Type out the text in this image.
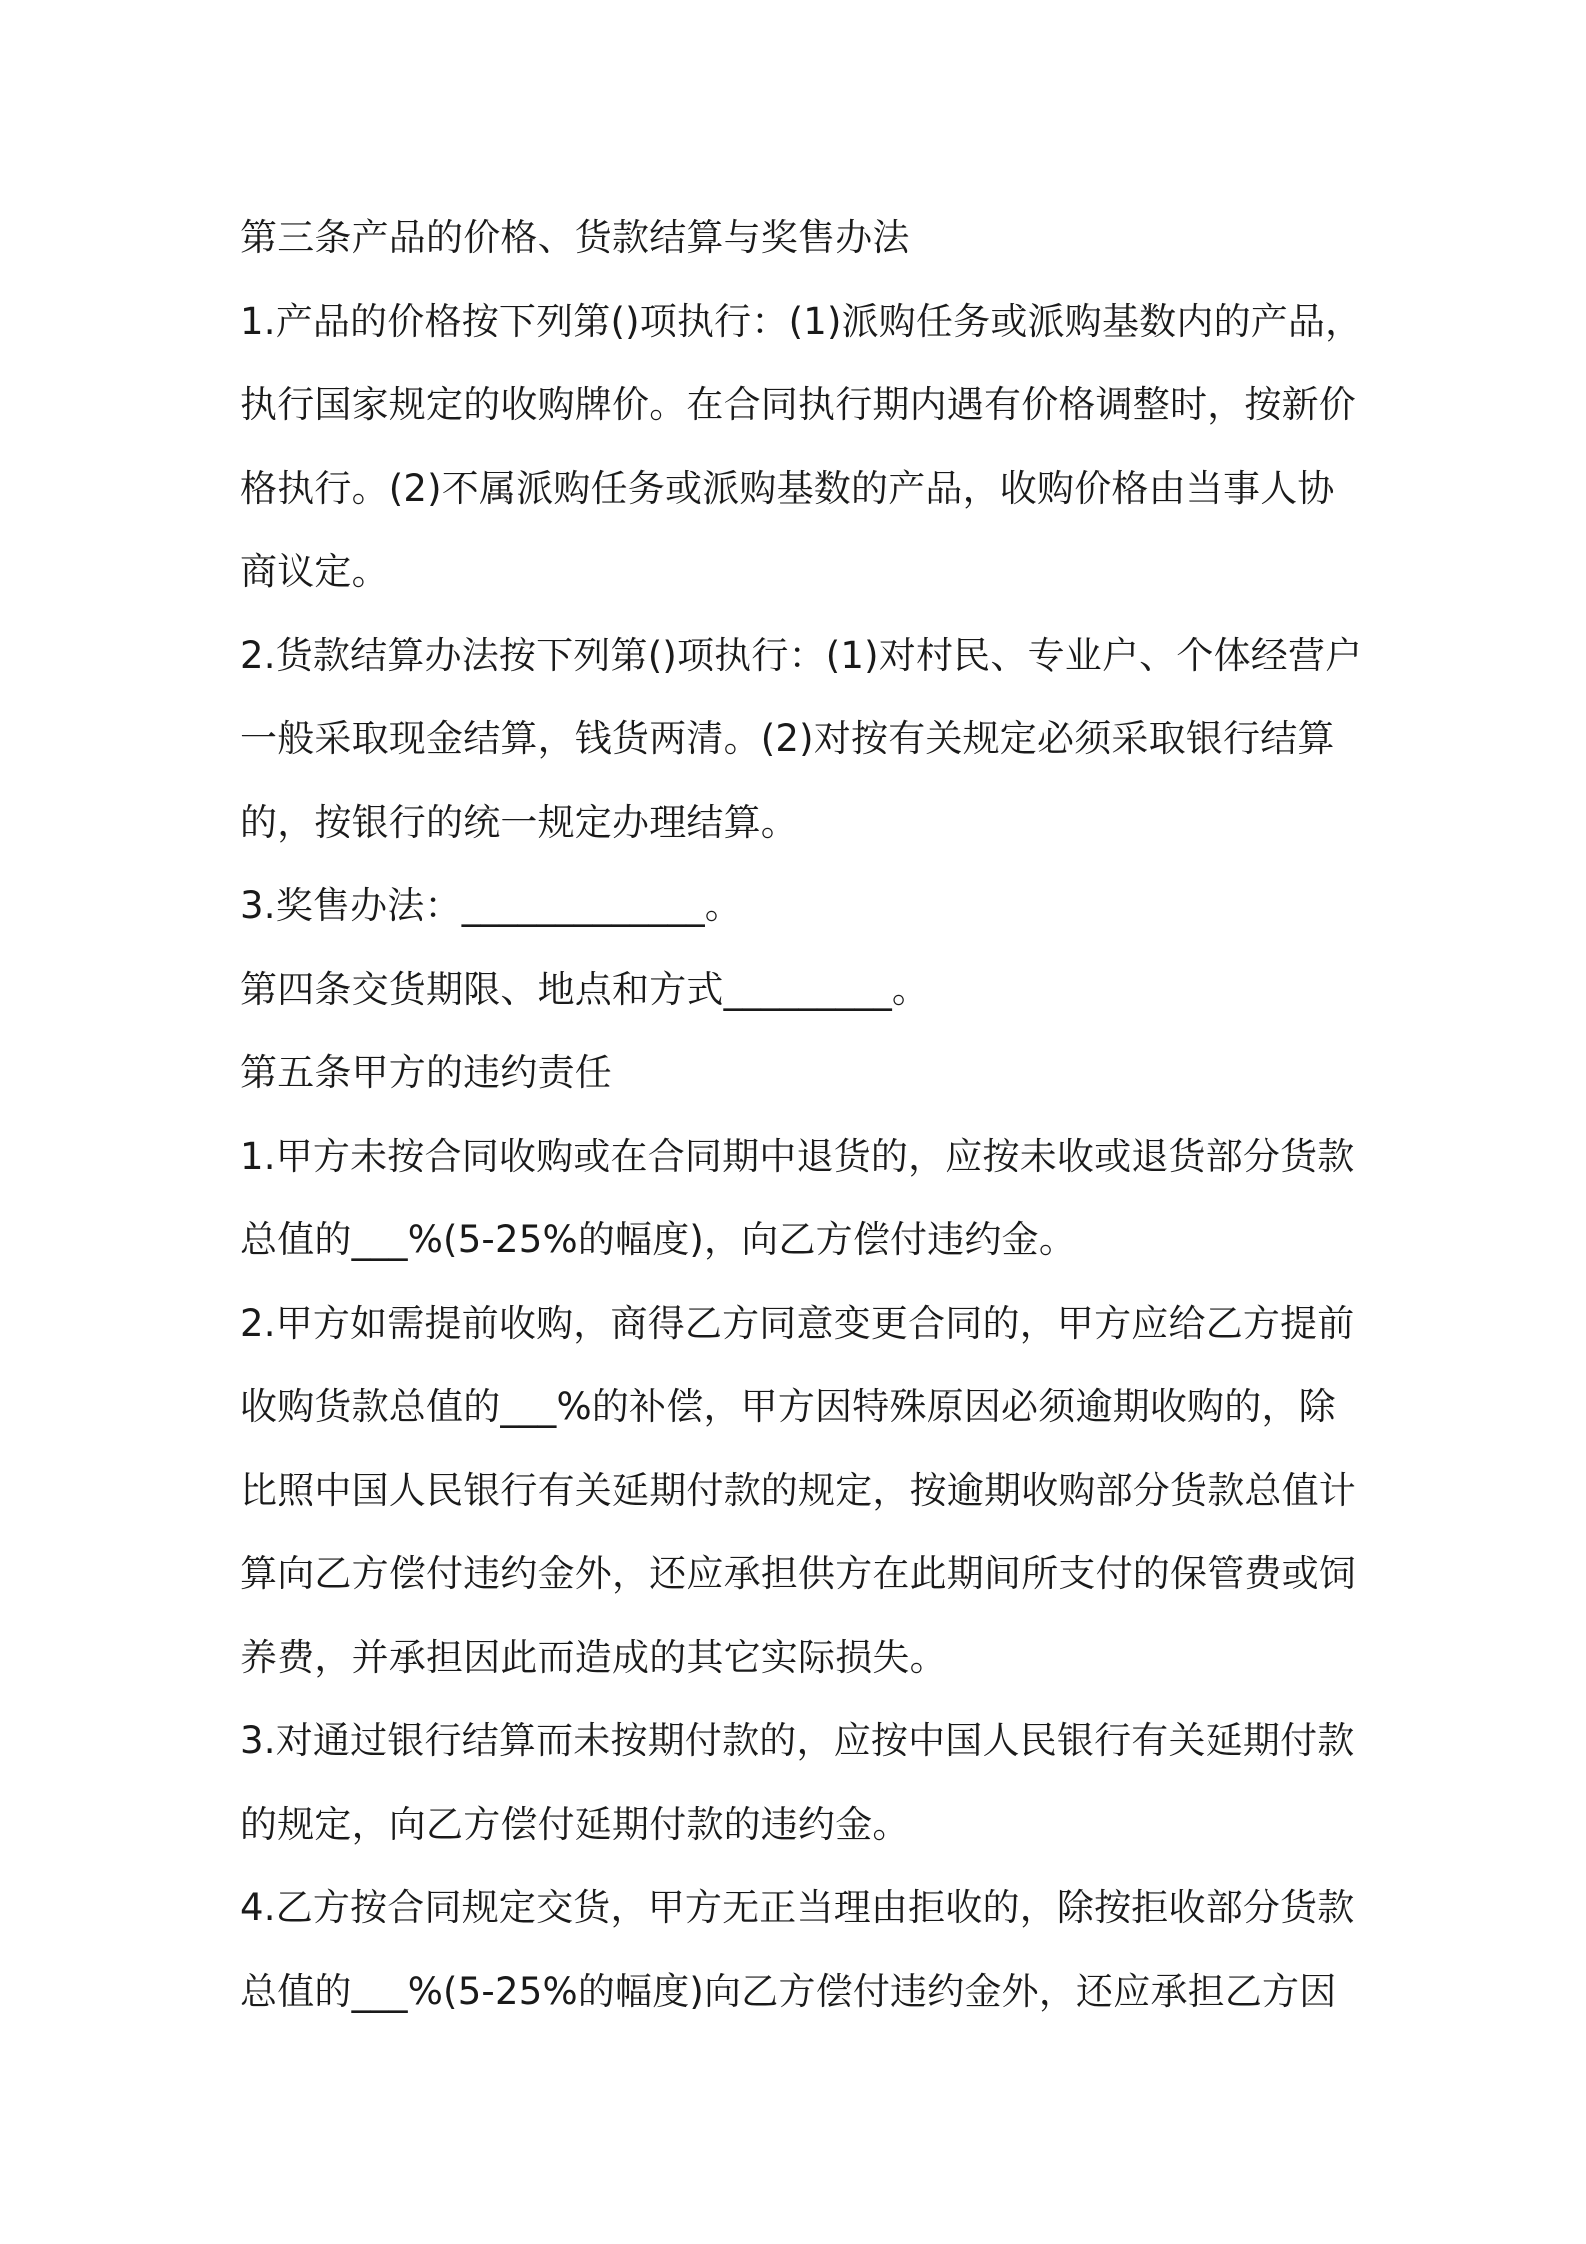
第三条产品的价格、货款结算与奖售办法
1.产品的价格按下列第()项执行：(1)派购任务或派购基数内的产品，
执行国家规定的收购牌价。在合同执行期内遇有价格调整时，按新价
格执行。(2)不属派购任务或派购基数的产品，收购价格由当事人协
商议定。
2.货款结算办法按下列第()项执行：(1)对村民、专业户、个体经营户
一般采取现金结算，钱货两清。(2)对按有关规定必须采取银行结算
的，按银行的统一规定办理结算。
3.奖售办法：_____________。
第四条交货期限、地点和方式_________。
第五条甲方的违约责任
1.甲方未按合同收购或在合同期中退货的，应按未收或退货部分货款
总值的___%(5-25%的幅度)，向乙方偿付违约金。
2.甲方如需提前收购，商得乙方同意变更合同的，甲方应给乙方提前
收购货款总值的___%的补偿，甲方因特殊原因必须逾期收购的，除
比照中国人民银行有关延期付款的规定，按逾期收购部分货款总值计
算向乙方偿付违约金外，还应承担供方在此期间所支付的保管费或饲
养费，并承担因此而造成的其它实际损失。
3.对通过银行结算而未按期付款的，应按中国人民银行有关延期付款
的规定，向乙方偿付延期付款的违约金。
4.乙方按合同规定交货，甲方无正当理由拒收的，除按拒收部分货款
总值的___%(5-25%的幅度)向乙方偿付违约金外，还应承担乙方因
